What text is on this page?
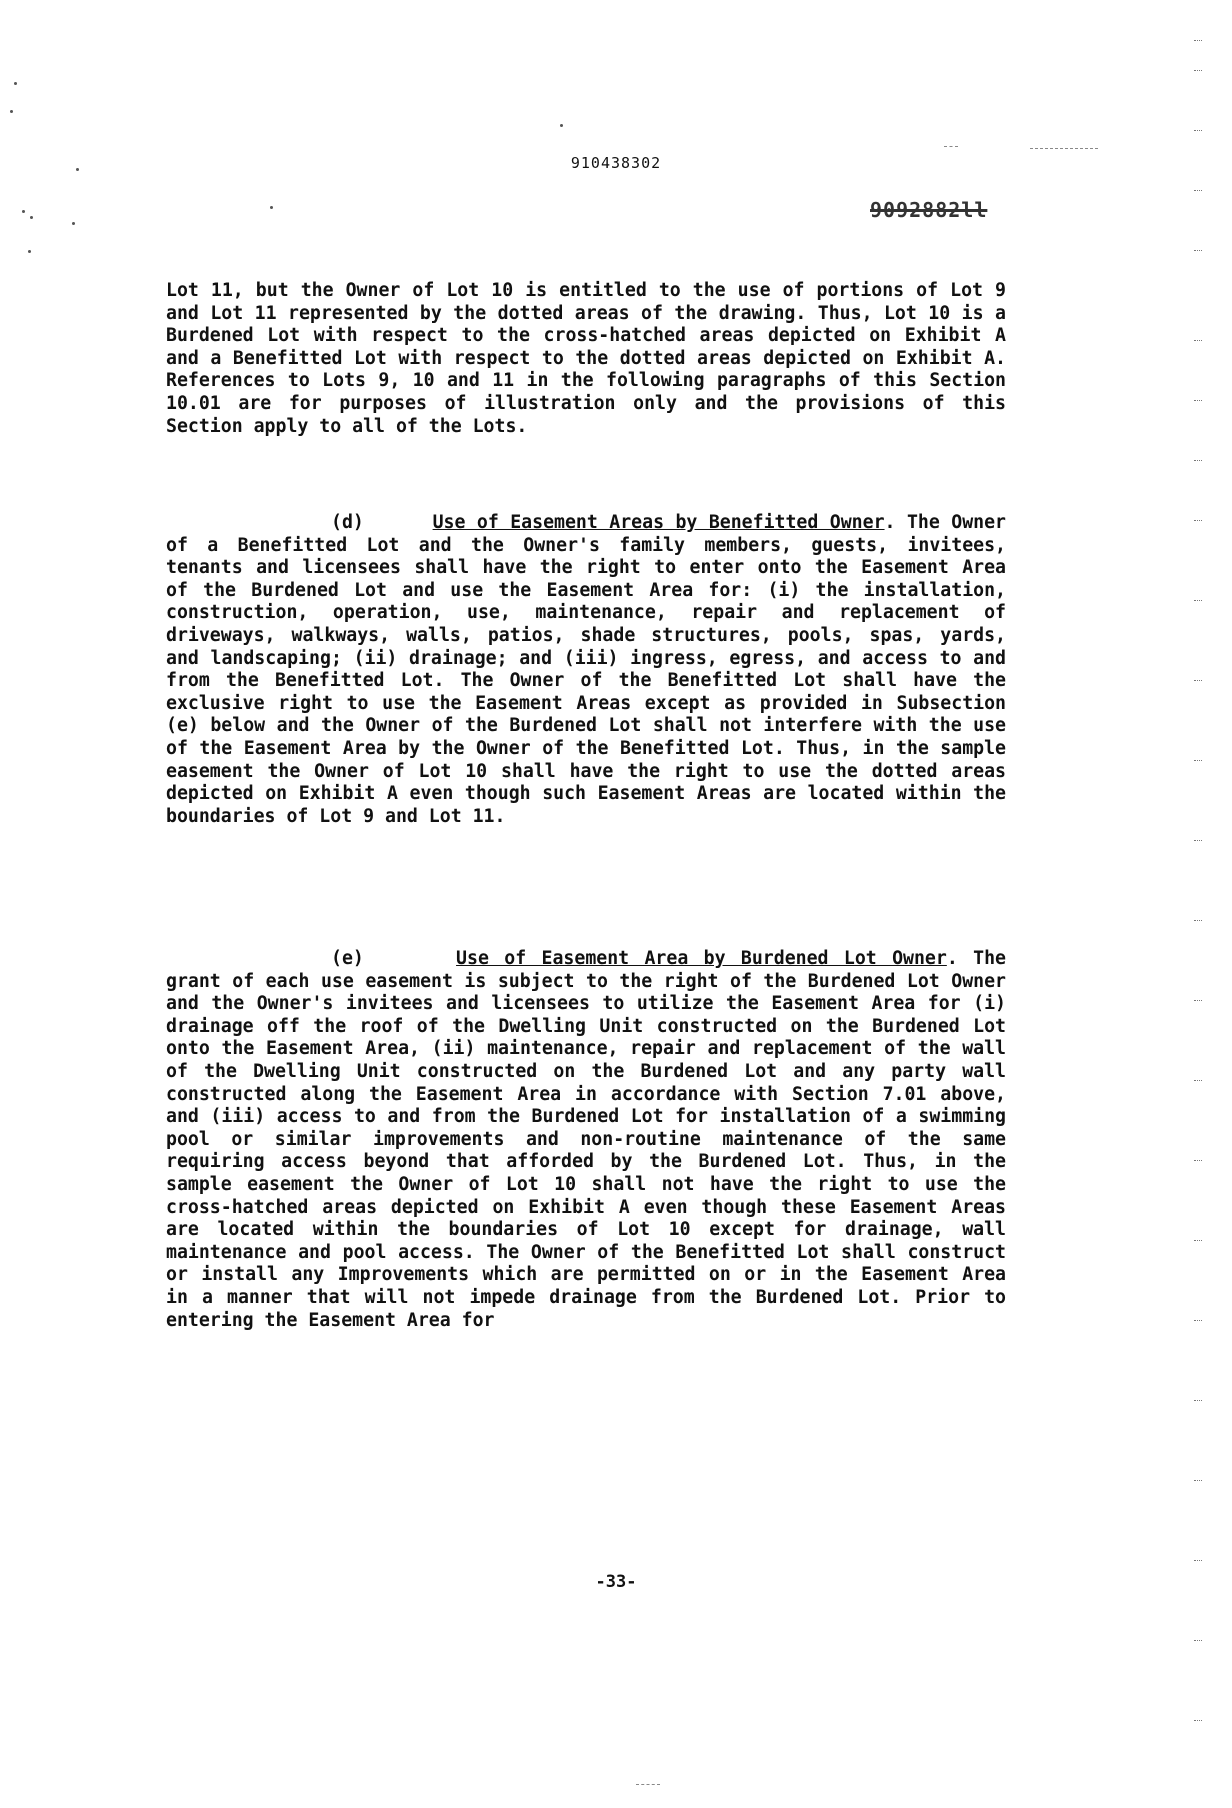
910438302
9092882ll

Lot 11, but the Owner of Lot 10 is entitled to the use of portions of Lot 9 and Lot 11 represented by the dotted areas of the drawing. Thus, Lot 10 is a Burdened Lot with respect to the cross-hatched areas depicted on Exhibit A and a Benefitted Lot with respect to the dotted areas depicted on Exhibit A. References to Lots 9, 10 and 11 in the following paragraphs of this Section 10.01 are for purposes of illustration only and the provisions of this Section apply to all of the Lots.

(d)	Use of Easement Areas by Benefitted Owner. The Owner of a Benefitted Lot and the Owner's family members, guests, invitees, tenants and licensees shall have the right to enter onto the Easement Area of the Burdened Lot and use the Easement Area for: (i) the installation, construction, operation, use, maintenance, repair and replacement of driveways, walkways, walls, patios, shade structures, pools, spas, yards, and landscaping; (ii) drainage; and (iii) ingress, egress, and access to and from the Benefitted Lot. The Owner of the Benefitted Lot shall have the exclusive right to use the Easement Areas except as provided in Subsection (e) below and the Owner of the Burdened Lot shall not interfere with the use of the Easement Area by the Owner of the Benefitted Lot. Thus, in the sample easement the Owner of Lot 10 shall have the right to use the dotted areas depicted on Exhibit A even though such Easement Areas are located within the boundaries of Lot 9 and Lot 11.

(e)	Use of Easement Area by Burdened Lot Owner. The grant of each use easement is subject to the right of the Burdened Lot Owner and the Owner's invitees and licensees to utilize the Easement Area for (i) drainage off the roof of the Dwelling Unit constructed on the Burdened Lot onto the Easement Area, (ii) maintenance, repair and replacement of the wall of the Dwelling Unit constructed on the Burdened Lot and any party wall constructed along the Easement Area in accordance with Section 7.01 above, and (iii) access to and from the Burdened Lot for installation of a swimming pool or similar improvements and non-routine maintenance of the same requiring access beyond that afforded by the Burdened Lot. Thus, in the sample easement the Owner of Lot 10 shall not have the right to use the cross-hatched areas depicted on Exhibit A even though these Easement Areas are located within the boundaries of Lot 10 except for drainage, wall maintenance and pool access. The Owner of the Benefitted Lot shall construct or install any Improvements which are permitted on or in the Easement Area in a manner that will not impede drainage from the Burdened Lot. Prior to entering the Easement Area for

-33-
